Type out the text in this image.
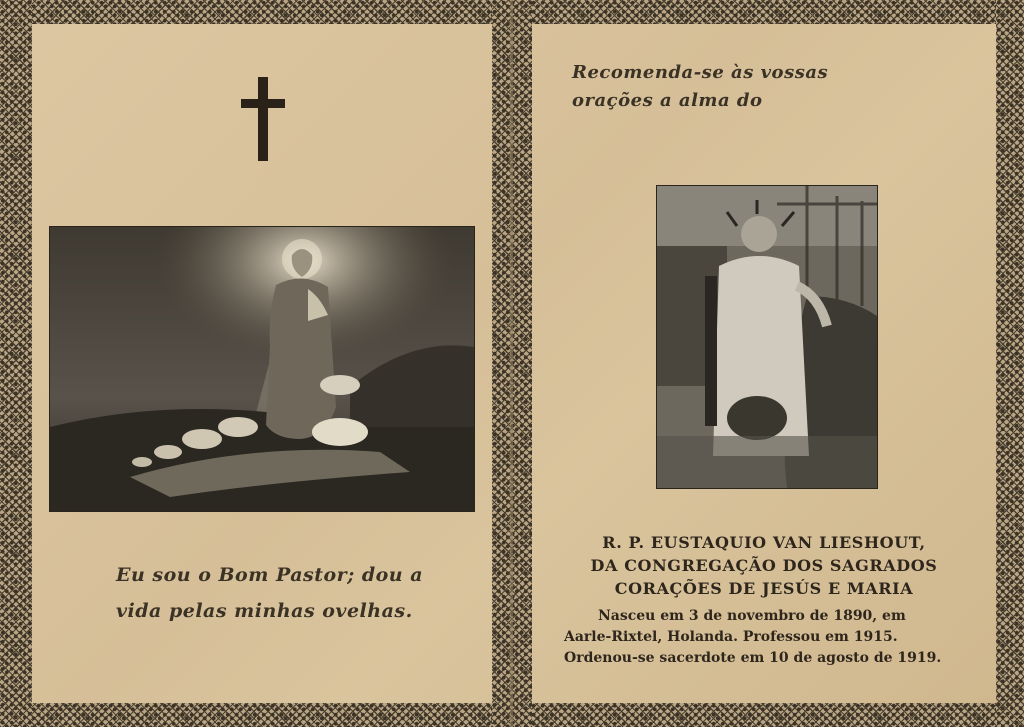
Eu sou o Bom Pastor; dou a
vida pelas minhas ovelhas.
Recomenda-se às vossas
orações a alma do
R. P. EUSTAQUIO VAN LIESHOUT,
DA CONGREGAÇÃO DOS SAGRADOS
CORAÇÕES DE JESÚS E MARIA
Nasceu em 3 de novembro de 1890, em
Aarle-Rixtel, Holanda. Professou em 1915.
Ordenou-se sacerdote em 10 de agosto de 1919.
